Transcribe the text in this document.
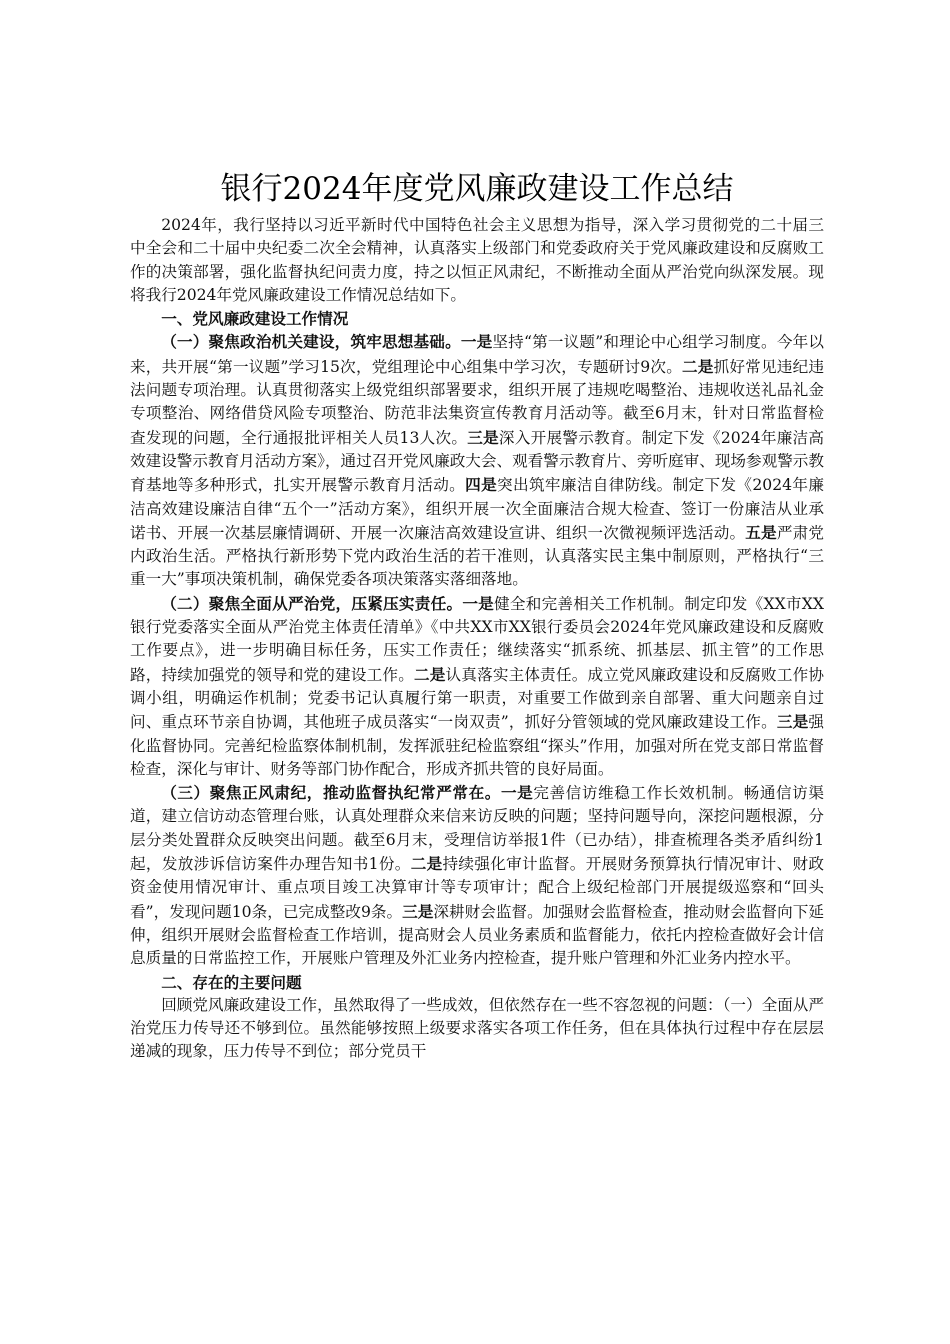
银行2024年度党风廉政建设工作总结

2024年，我行坚持以习近平新时代中国特色社会主义思想为指导，深入学习贯彻党的二十届三中全会和二十届中央纪委二次全会精神，认真落实上级部门和党委政府关于党风廉政建设和反腐败工作的决策部署，强化监督执纪问责力度，持之以恒正风肃纪，不断推动全面从严治党向纵深发展。现将我行2024年党风廉政建设工作情况总结如下。

一、党风廉政建设工作情况

（一）聚焦政治机关建设，筑牢思想基础。一是坚持“第一议题”和理论中心组学习制度。今年以来，共开展“第一议题”学习15次，党组理论中心组集中学习次，专题研讨9次。二是抓好常见违纪违法问题专项治理。认真贯彻落实上级党组织部署要求，组织开展了违规吃喝整治、违规收送礼品礼金专项整治、网络借贷风险专项整治、防范非法集资宣传教育月活动等。截至6月末，针对日常监督检查发现的问题，全行通报批评相关人员13人次。三是深入开展警示教育。制定下发《2024年廉洁高效建设警示教育月活动方案》，通过召开党风廉政大会、观看警示教育片、旁听庭审、现场参观警示教育基地等多种形式，扎实开展警示教育月活动。四是突出筑牢廉洁自律防线。制定下发《2024年廉洁高效建设廉洁自律“五个一”活动方案》，组织开展一次全面廉洁合规大检查、签订一份廉洁从业承诺书、开展一次基层廉情调研、开展一次廉洁高效建设宣讲、组织一次微视频评选活动。五是严肃党内政治生活。严格执行新形势下党内政治生活的若干准则，认真落实民主集中制原则，严格执行“三重一大”事项决策机制，确保党委各项决策落实落细落地。

（二）聚焦全面从严治党，压紧压实责任。一是健全和完善相关工作机制。制定印发《XX市XX银行党委落实全面从严治党主体责任清单》《中共XX市XX银行委员会2024年党风廉政建设和反腐败工作要点》，进一步明确目标任务，压实工作责任；继续落实“抓系统、抓基层、抓主管”的工作思路，持续加强党的领导和党的建设工作。二是认真落实主体责任。成立党风廉政建设和反腐败工作协调小组，明确运作机制；党委书记认真履行第一职责，对重要工作做到亲自部署、重大问题亲自过问、重点环节亲自协调，其他班子成员落实“一岗双责”，抓好分管领域的党风廉政建设工作。三是强化监督协同。完善纪检监察体制机制，发挥派驻纪检监察组“探头”作用，加强对所在党支部日常监督检查，深化与审计、财务等部门协作配合，形成齐抓共管的良好局面。

（三）聚焦正风肃纪，推动监督执纪常严常在。一是完善信访维稳工作长效机制。畅通信访渠道，建立信访动态管理台账，认真处理群众来信来访反映的问题；坚持问题导向，深挖问题根源，分层分类处置群众反映突出问题。截至6月末，受理信访举报1件（已办结），排查梳理各类矛盾纠纷1起，发放涉诉信访案件办理告知书1份。二是持续强化审计监督。开展财务预算执行情况审计、财政资金使用情况审计、重点项目竣工决算审计等专项审计；配合上级纪检部门开展提级巡察和“回头看”，发现问题10条，已完成整改9条。三是深耕财会监督。加强财会监督检查，推动财会监督向下延伸，组织开展财会监督检查工作培训，提高财会人员业务素质和监督能力，依托内控检查做好会计信息质量的日常监控工作，开展账户管理及外汇业务内控检查，提升账户管理和外汇业务内控水平。

二、存在的主要问题

回顾党风廉政建设工作，虽然取得了一些成效，但依然存在一些不容忽视的问题：（一）全面从严治党压力传导还不够到位。虽然能够按照上级要求落实各项工作任务，但在具体执行过程中存在层层递减的现象，压力传导不到位；部分党员干
